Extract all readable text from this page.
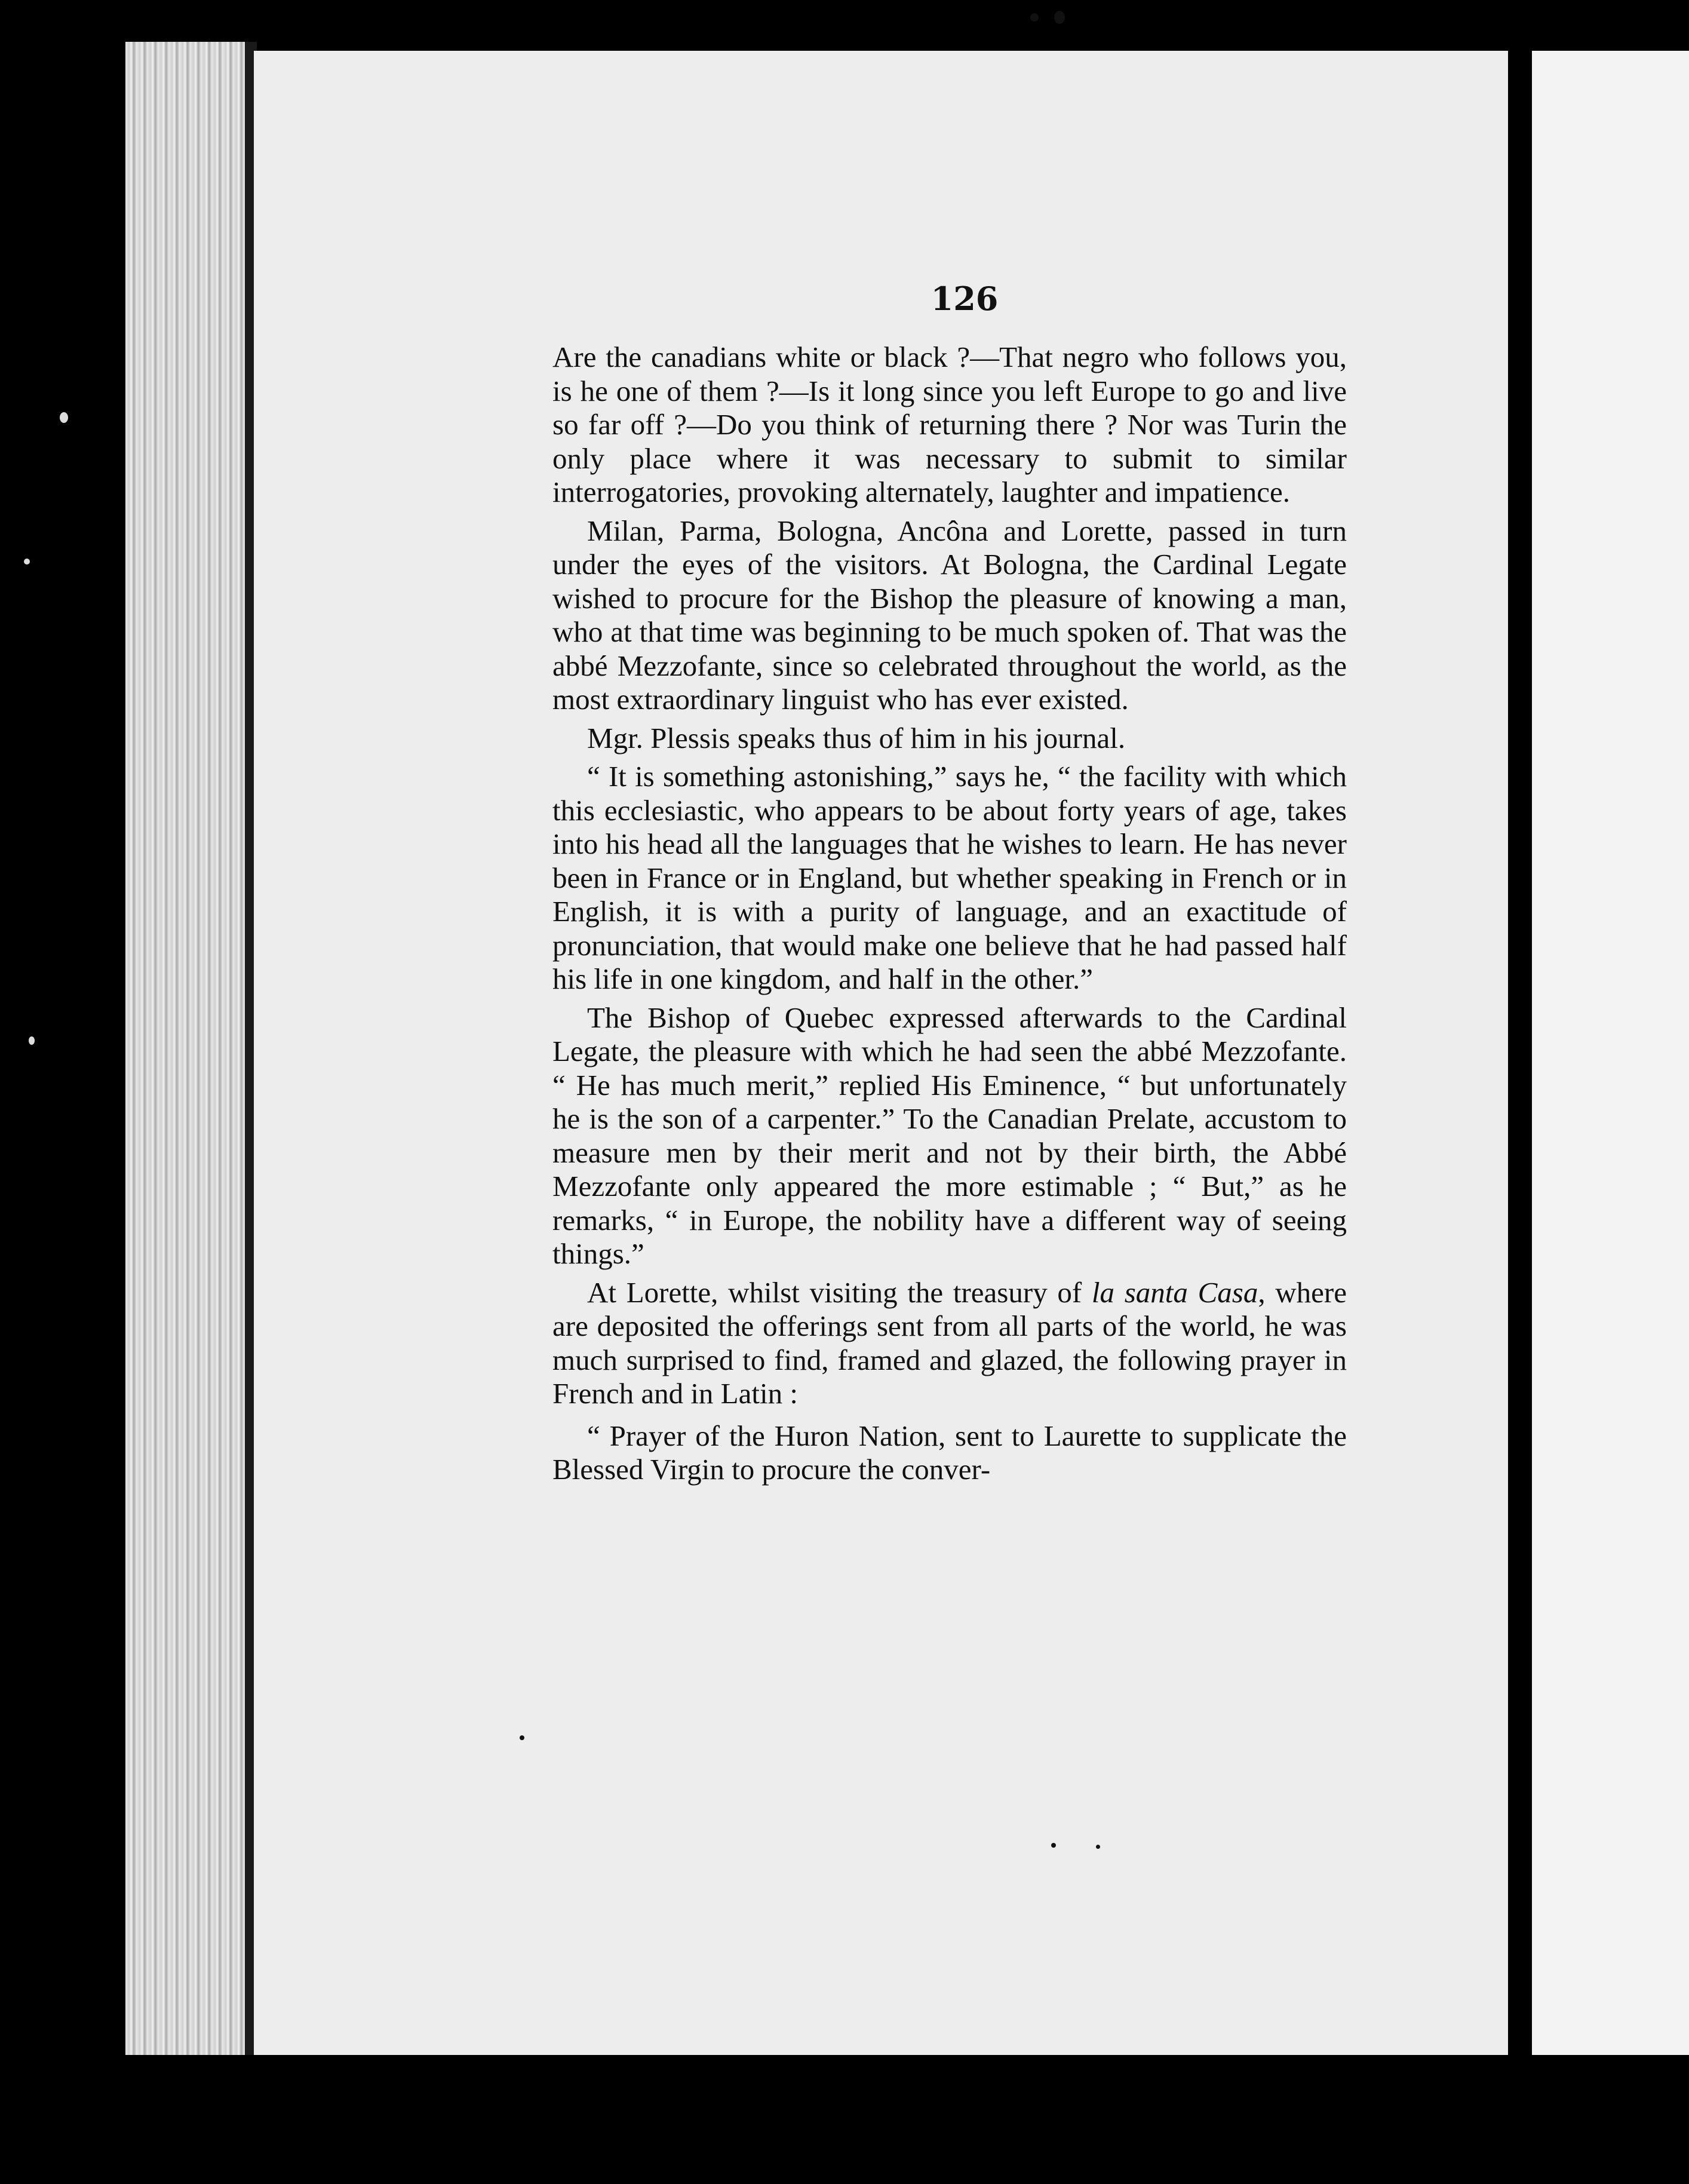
126

Are the canadians white or black ?—That negro who follows you, is he one of them ?—Is it long since you left Europe to go and live so far off ?—Do you think of returning there ? Nor was Turin the only place where it was necessary to submit to similar interrogatories, provoking alternately, laughter and impatience.

Milan, Parma, Bologna, Ancôna and Lorette, passed in turn under the eyes of the visitors. At Bologna, the Cardinal Legate wished to procure for the Bishop the pleasure of knowing a man, who at that time was beginning to be much spoken of. That was the abbé Mezzofante, since so celebrated throughout the world, as the most extraordinary linguist who has ever existed.

Mgr. Plessis speaks thus of him in his journal.

“ It is something astonishing,” says he, “ the facility with which this ecclesiastic, who appears to be about forty years of age, takes into his head all the languages that he wishes to learn. He has never been in France or in England, but whether speaking in French or in English, it is with a purity of language, and an exactitude of pronunciation, that would make one believe that he had passed half his life in one kingdom, and half in the other.”

The Bishop of Quebec expressed afterwards to the Cardinal Legate, the pleasure with which he had seen the abbé Mezzofante. “ He has much merit,” replied His Eminence, “ but unfortunately he is the son of a carpenter.” To the Canadian Prelate, accustom to measure men by their merit and not by their birth, the Abbé Mezzofante only appeared the more estimable ; “ But,” as he remarks, “ in Europe, the nobility have a different way of seeing things.”

At Lorette, whilst visiting the treasury of la santa Casa, where are deposited the offerings sent from all parts of the world, he was much surprised to find, framed and glazed, the following prayer in French and in Latin :

“ Prayer of the Huron Nation, sent to Laurette to supplicate the Blessed Virgin to procure the conver-
